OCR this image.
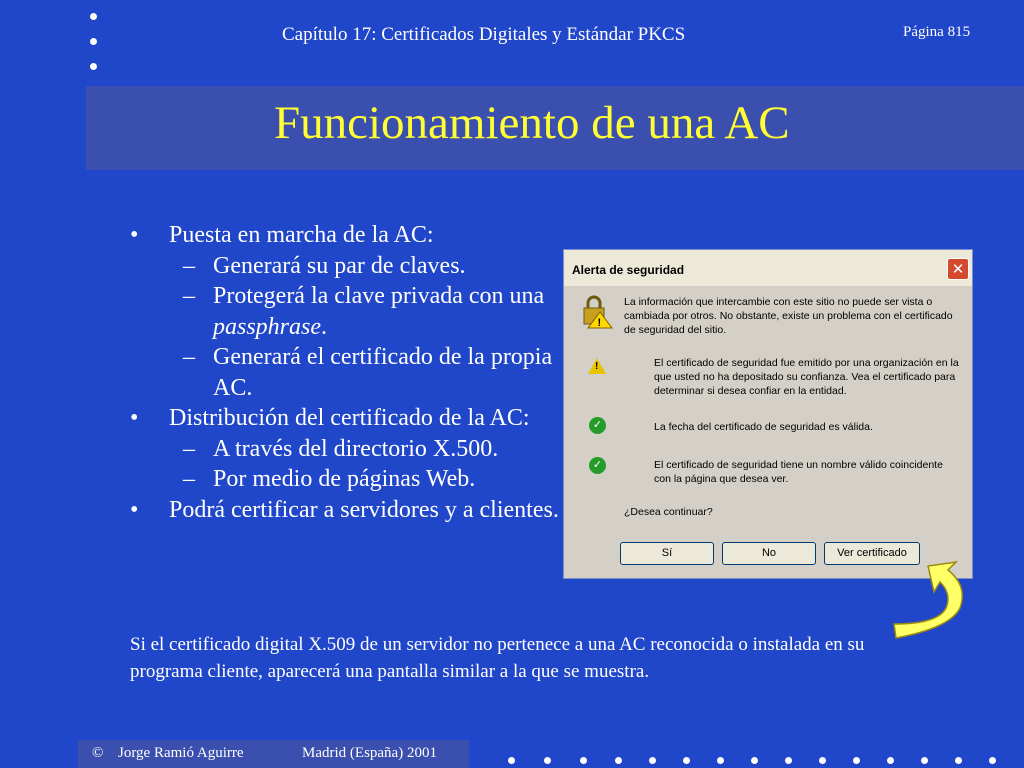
Capítulo 17: Certificados Digitales y Estándar PKCS	Página 815
Funcionamiento de una AC
• Puesta en marcha de la AC:
– Generará su par de claves.
– Protegerá la clave privada con una passphrase.
– Generará el certificado de la propia AC.
• Distribución del certificado de la AC:
– A través del directorio X.500.
– Por medio de páginas Web.
• Podrá certificar a servidores y a clientes.
Alerta de seguridad	✕
!
La información que intercambie con este sitio no puede ser vista o cambiada por otros. No obstante, existe un problema con el certificado de seguridad del sitio.
!	El certificado de seguridad fue emitido por una organización en la que usted no ha depositado su confianza. Vea el certificado para determinar si desea confiar en la entidad.
✓	La fecha del certificado de seguridad es válida.
✓	El certificado de seguridad tiene un nombre válido coincidente con la página que desea ver.
¿Desea continuar?
Sí	No	Ver certificado
Si el certificado digital X.509 de un servidor no pertenece a una AC reconocida o instalada en su programa cliente, aparecerá una pantalla similar a la que se muestra.
© Jorge Ramió Aguirre	Madrid (España) 2001
